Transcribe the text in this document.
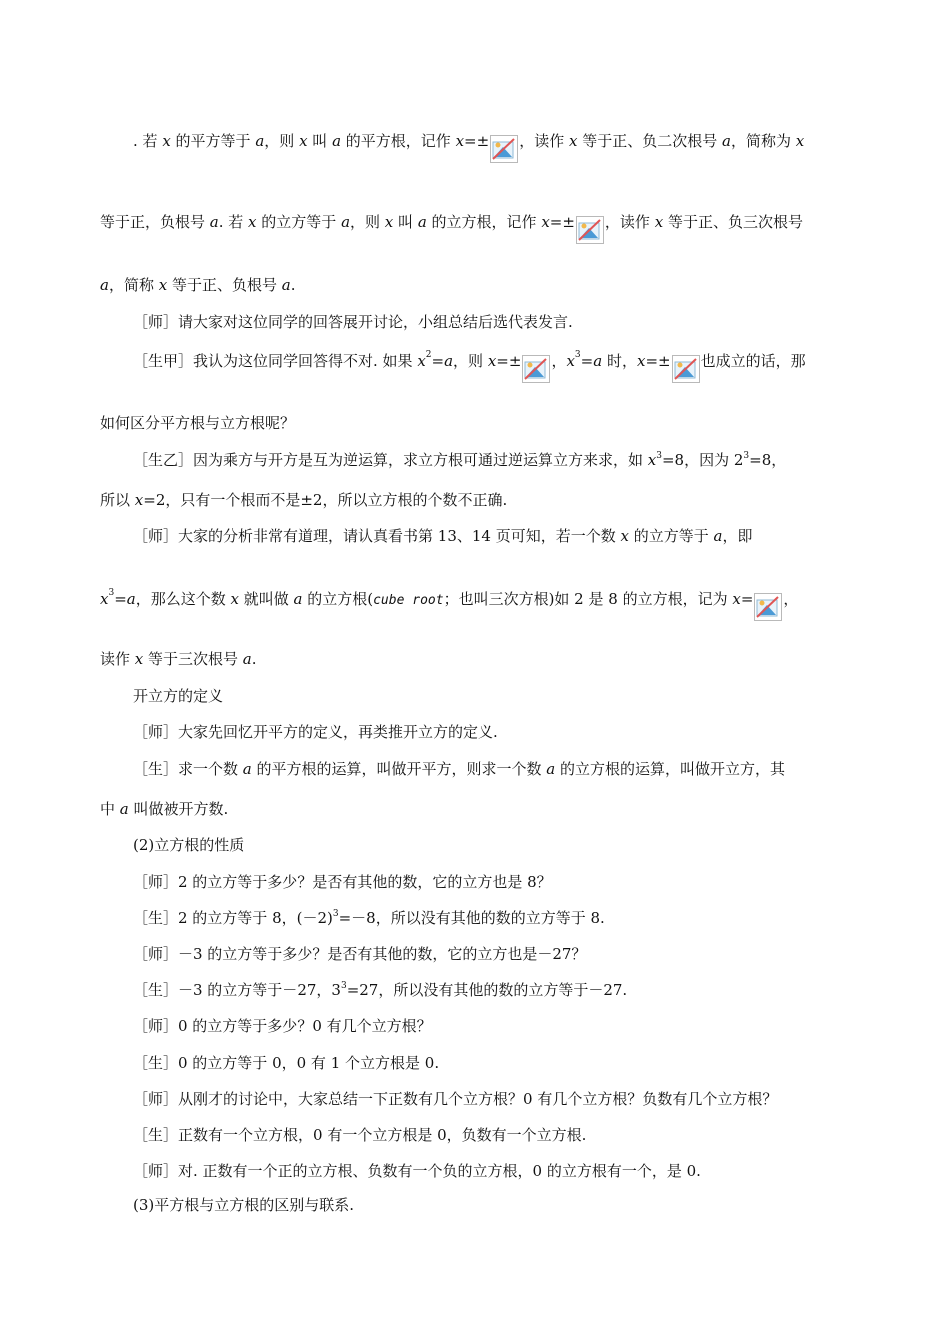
. 若 x 的平方等于 a，则 x 叫 a 的平方根，记作 x=± ，读作 x 等于正、负二次根号 a，简称为 x
等于正，负根号 a. 若 x 的立方等于 a，则 x 叫 a 的立方根，记作 x=± ，读作 x 等于正、负三次根号
a，简称 x 等于正、负根号 a.
［师］请大家对这位同学的回答展开讨论，小组总结后选代表发言.
［生甲］我认为这位同学回答得不对. 如果 $x^2=a$，则 x=± ，$x^3=a$ 时，x=± 也成立的话，那
如何区分平方根与立方根呢？
［生乙］因为乘方与开方是互为逆运算，求立方根可通过逆运算立方来求，如 $x^3=8$，因为 $2^3=8$，
所以 x=2，只有一个根而不是±2，所以立方根的个数不正确.
［师］大家的分析非常有道理，请认真看书第 13、14 页可知，若一个数 x 的立方等于 a，即
$x^3=a$，那么这个数 x 就叫做 a 的立方根(cube root；也叫三次方根)如 2 是 8 的立方根，记为 x= ，
读作 x 等于三次根号 a.
开立方的定义
［师］大家先回忆开平方的定义，再类推开立方的定义.
［生］求一个数 a 的平方根的运算，叫做开平方，则求一个数 a 的立方根的运算，叫做开立方，其
中 a 叫做被开方数.
(2)立方根的性质
［师］2 的立方等于多少？是否有其他的数，它的立方也是 8？
［生］2 的立方等于 8，$(-2)^3=-8$，所以没有其他的数的立方等于 8.
［师］－3 的立方等于多少？是否有其他的数，它的立方也是－27？
［生］－3 的立方等于－27，$3^3=27$，所以没有其他的数的立方等于－27.
［师］0 的立方等于多少？0 有几个立方根？
［生］0 的立方等于 0，0 有 1 个立方根是 0.
［师］从刚才的讨论中，大家总结一下正数有几个立方根？0 有几个立方根？负数有几个立方根？
［生］正数有一个立方根，0 有一个立方根是 0，负数有一个立方根.
［师］对. 正数有一个正的立方根、负数有一个负的立方根，0 的立方根有一个，是 0.
(3)平方根与立方根的区别与联系.
